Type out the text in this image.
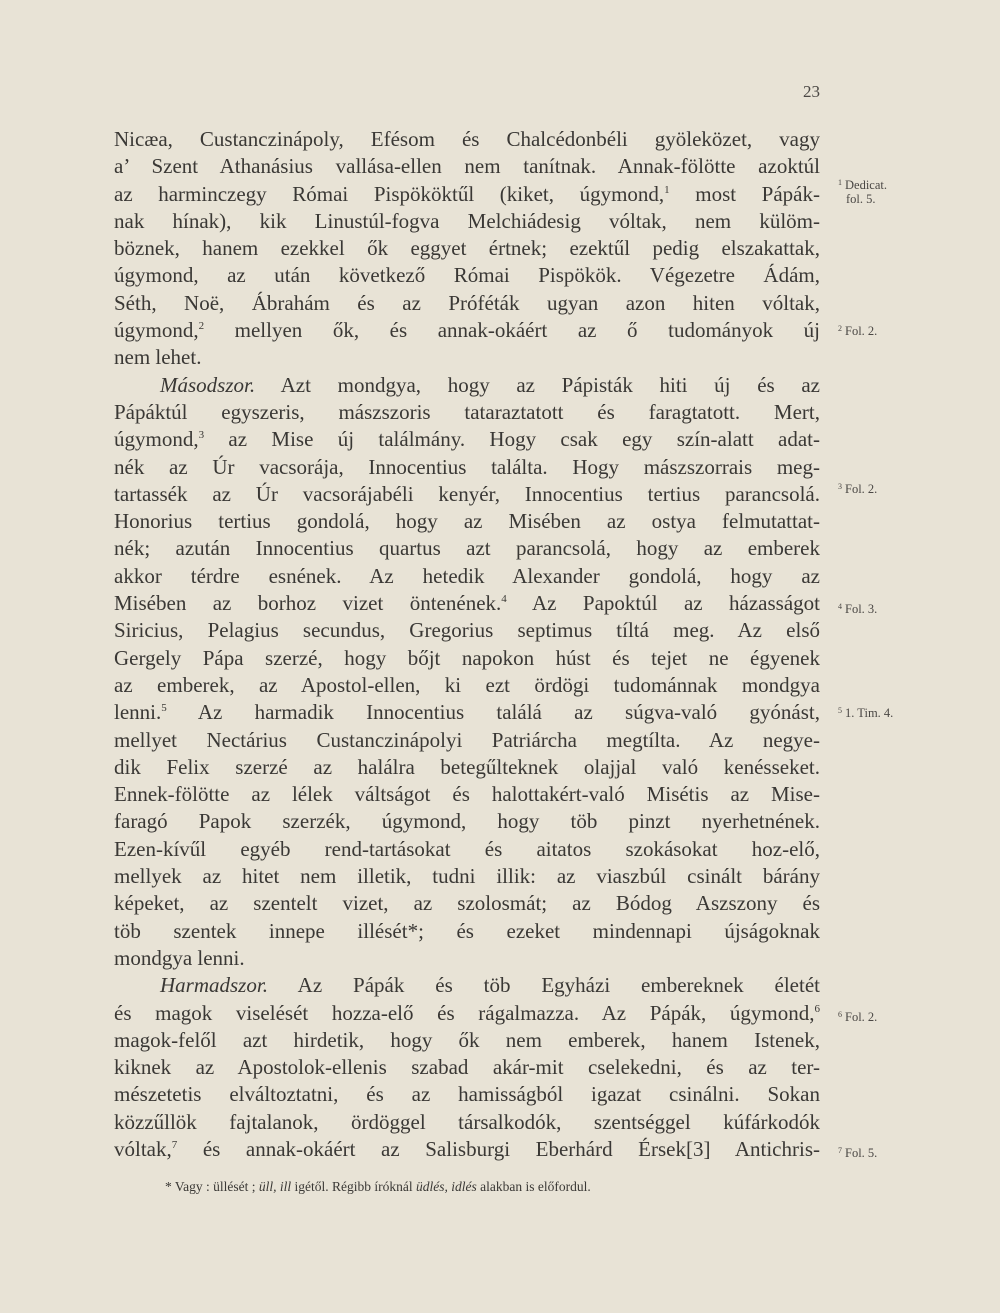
23
Nicæa, Custanczinápoly, Efésom és Chalcédonbéli gyöleközet, vagy
a’ Szent Athanásius vallása-ellen nem tanítnak. Annak-fölötte azoktúl
az harminczegy Római Pispököktűl (kiket, úgymond,$^1$ most Pápák-
nak hínak), kik Linustúl-fogva Melchiádesig vóltak, nem külöm-
böznek, hanem ezekkel ők eggyet értnek; ezektűl pedig elszakattak,
úgymond, az után következő Római Pispökök. Végezetre Ádám,
Séth, Noë, Ábrahám és az Próféták ugyan azon hiten vóltak,
úgymond,$^2$ mellyen ők, és annak-okáért az ő tudományok új
nem lehet.
Másodszor. Azt mondgya, hogy az Pápisták hiti új és az
Pápáktúl egyszeris, mászszoris tataraztatott és faragtatott. Mert,
úgymond,$^3$ az Mise új találmány. Hogy csak egy szín-alatt adat-
nék az Úr vacsorája, Innocentius találta. Hogy mászszorrais meg-
tartassék az Úr vacsorájabéli kenyér, Innocentius tertius parancsolá.
Honorius tertius gondolá, hogy az Misében az ostya felmutattat-
nék; azután Innocentius quartus azt parancsolá, hogy az emberek
akkor térdre esnének. Az hetedik Alexander gondolá, hogy az
Misében az borhoz vizet öntenének.$^4$ Az Papoktúl az házasságot
Siricius, Pelagius secundus, Gregorius septimus tíltá meg. Az első
Gergely Pápa szerzé, hogy bőjt napokon húst és tejet ne égyenek
az emberek, az Apostol-ellen, ki ezt ördögi tudománnak mondgya
lenni.$^5$ Az harmadik Innocentius találá az súgva-való gyónást,
mellyet Nectárius Custanczinápolyi Patriárcha megtílta. Az negye-
dik Felix szerzé az halálra betegűlteknek olajjal való kenésseket.
Ennek-fölötte az lélek váltságot és halottakért-való Misétis az Mise-
faragó Papok szerzék, úgymond, hogy töb pinzt nyerhetnének.
Ezen-kívűl egyéb rend-tartásokat és aitatos szokásokat hoz-elő,
mellyek az hitet nem illetik, tudni illik: az viaszbúl csinált bárány
képeket, az szentelt vizet, az szolosmát; az Bódog Aszszony és
töb szentek innepe illését*; és ezeket mindennapi újságoknak
mondgya lenni.
Harmadszor. Az Pápák és töb Egyházi embereknek életét
és magok viselését hozza-elő és rágalmazza. Az Pápák, úgymond,$^6$
magok-felől azt hirdetik, hogy ők nem emberek, hanem Istenek,
kiknek az Apostolok-ellenis szabad akár-mit cselekedni, és az ter-
mészetetis elváltoztatni, és az hamisságból igazat csinálni. Sokan
közzűllök fajtalanok, ördöggel társalkodók, szentséggel kúfárkodók
vóltak,$^7$ és annak-okáért az Salisburgi Eberhárd Érsek[3] Antichris-
$^1$ Dedicat.
fol. 5.
$^2$ Fol. 2.
$^3$ Fol. 2.
$^4$ Fol. 3.
$^5$ 1. Tim. 4.
$^6$ Fol. 2.
$^7$ Fol. 5.
* Vagy : üllését ; üll, ill igétől. Régibb íróknál üdlés, idlés alakban is előfordul.
